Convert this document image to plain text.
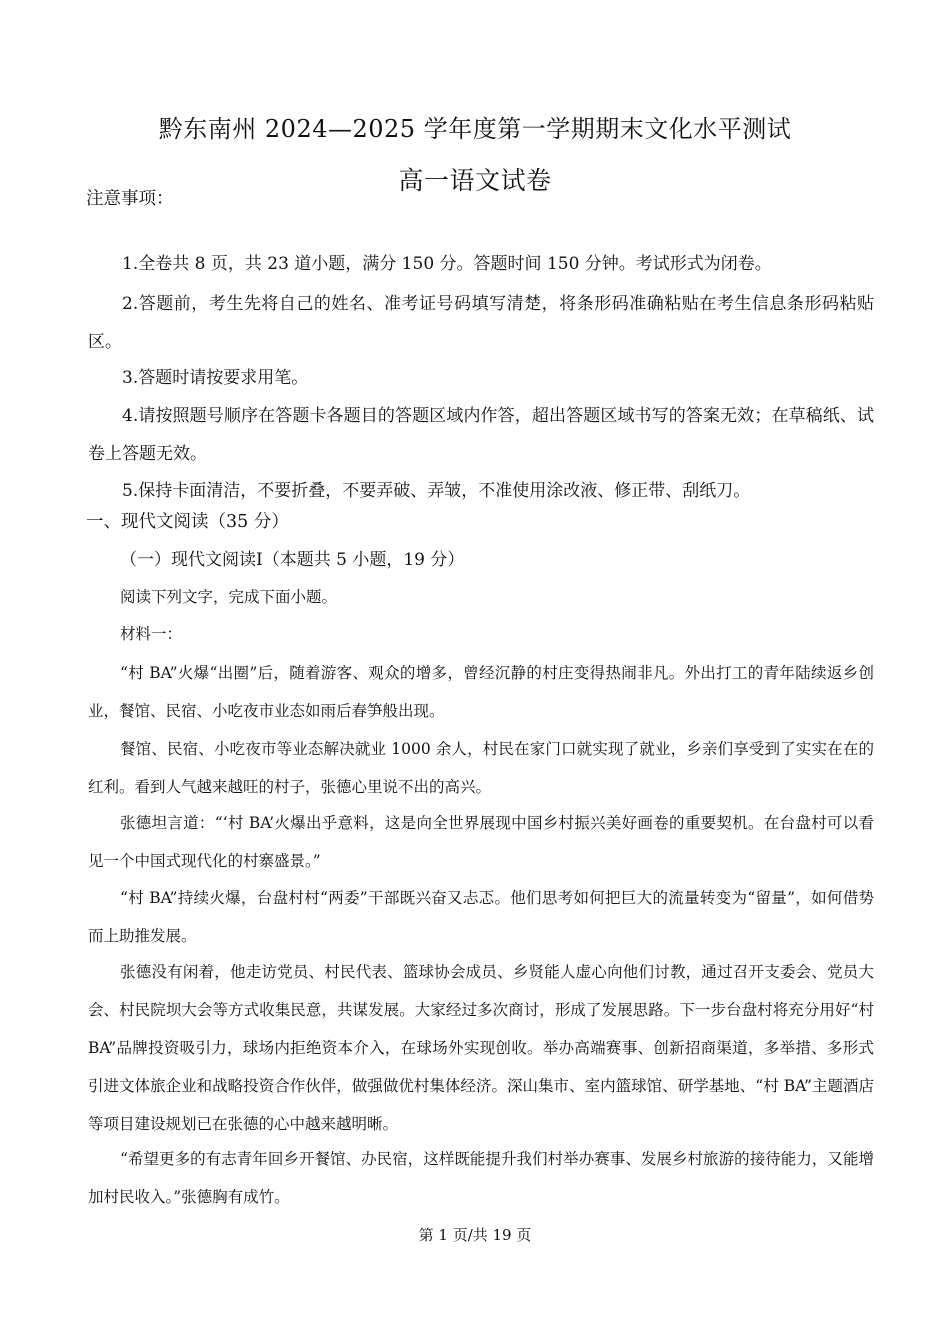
黔东南州 2024—2025 学年度第一学期期末文化水平测试
高一语文试卷
注意事项：
1.全卷共 8 页，共 23 道小题，满分 150 分。答题时间 150 分钟。考试形式为闭卷。
2.答题前，考生先将自己的姓名、准考证号码填写清楚，将条形码准确粘贴在考生信息条形码粘贴区。
3.答题时请按要求用笔。
4.请按照题号顺序在答题卡各题目的答题区域内作答，超出答题区域书写的答案无效；在草稿纸、试卷上答题无效。
5.保持卡面清洁，不要折叠，不要弄破、弄皱，不准使用涂改液、修正带、刮纸刀。
一、现代文阅读（35 分）
（一）现代文阅读Ⅰ（本题共 5 小题，19 分）
阅读下列文字，完成下面小题。
材料一：
“村 BA”火爆“出圈”后，随着游客、观众的增多，曾经沉静的村庄变得热闹非凡。外出打工的青年陆续返乡创业，餐馆、民宿、小吃夜市业态如雨后春笋般出现。
餐馆、民宿、小吃夜市等业态解决就业 1000 余人，村民在家门口就实现了就业，乡亲们享受到了实实在在的红利。看到人气越来越旺的村子，张德心里说不出的高兴。
张德坦言道：“‘村 BA’火爆出乎意料，这是向全世界展现中国乡村振兴美好画卷的重要契机。在台盘村可以看见一个中国式现代化的村寨盛景。”
“村 BA”持续火爆，台盘村村“两委”干部既兴奋又忐忑。他们思考如何把巨大的流量转变为“留量”，如何借势而上助推发展。
张德没有闲着，他走访党员、村民代表、篮球协会成员、乡贤能人虚心向他们讨教，通过召开支委会、党员大会、村民院坝大会等方式收集民意，共谋发展。大家经过多次商讨，形成了发展思路。下一步台盘村将充分用好“村 BA”品牌投资吸引力，球场内拒绝资本介入，在球场外实现创收。举办高端赛事、创新招商渠道，多举措、多形式引进文体旅企业和战略投资合作伙伴，做强做优村集体经济。深山集市、室内篮球馆、研学基地、“村 BA”主题酒店等项目建设规划已在张德的心中越来越明晰。
“希望更多的有志青年回乡开餐馆、办民宿，这样既能提升我们村举办赛事、发展乡村旅游的接待能力，又能增加村民收入。”张德胸有成竹。
第 1 页/共 19 页
